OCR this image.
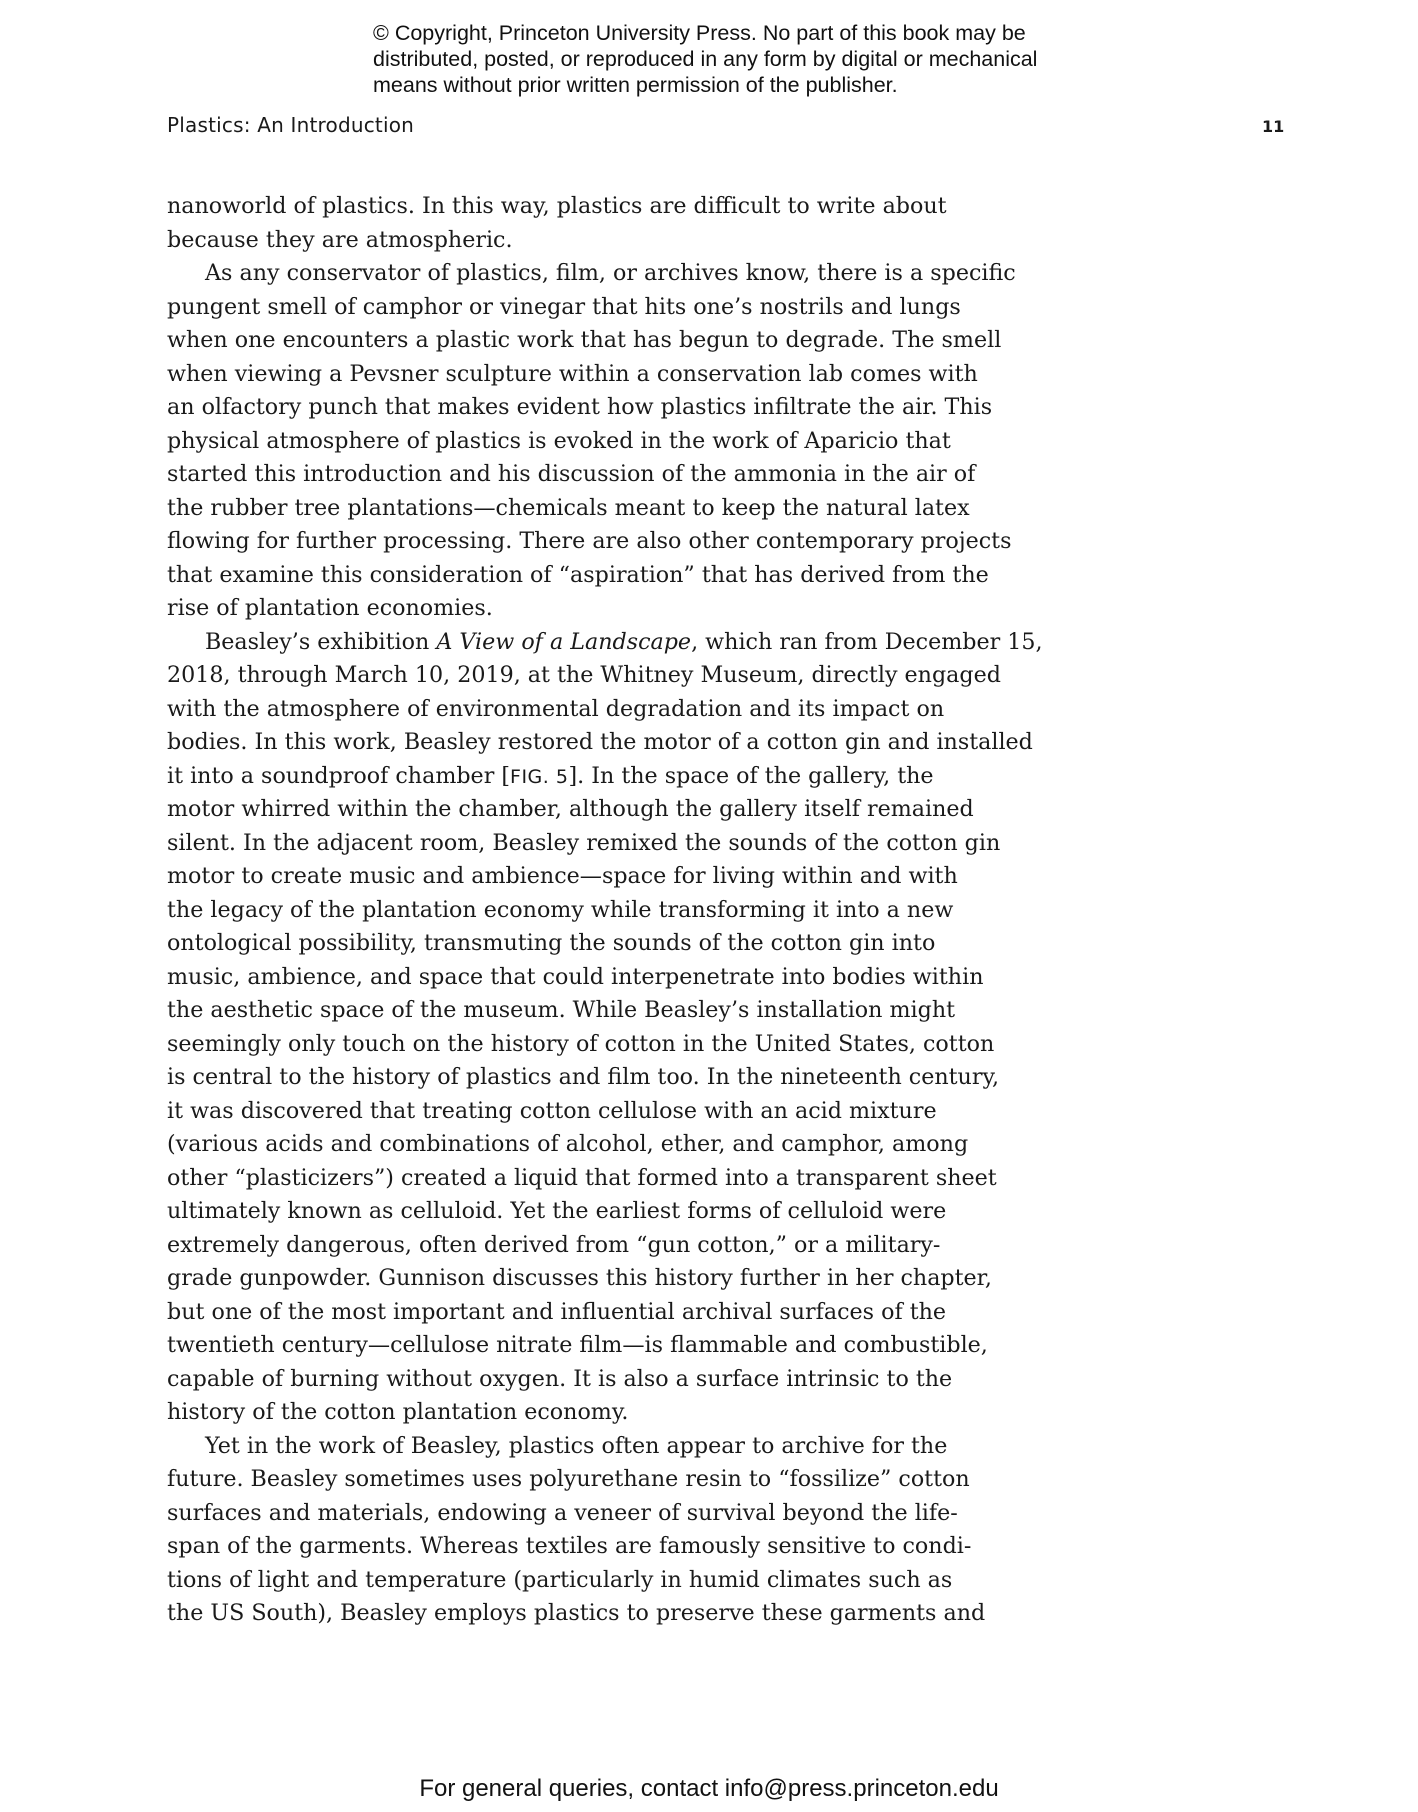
© Copyright, Princeton University Press. No part of this book may be
distributed, posted, or reproduced in any form by digital or mechanical
means without prior written permission of the publisher.
Plastics: An Introduction	11
nanoworld of plastics. In this way, plastics are difficult to write about
because they are atmospheric.
As any conservator of plastics, film, or archives know, there is a specific
pungent smell of camphor or vinegar that hits one’s nostrils and lungs
when one encounters a plastic work that has begun to degrade. The smell
when viewing a Pevsner sculpture within a conservation lab comes with
an olfactory punch that makes evident how plastics infiltrate the air. This
physical atmosphere of plastics is evoked in the work of Aparicio that
started this introduction and his discussion of the ammonia in the air of
the rubber tree plantations—chemicals meant to keep the natural latex
flowing for further processing. There are also other contemporary projects
that examine this consideration of “aspiration” that has derived from the
rise of plantation economies.
Beasley’s exhibition A View of a Landscape, which ran from December 15,
2018, through March 10, 2019, at the Whitney Museum, directly engaged
with the atmosphere of environmental degradation and its impact on
bodies. In this work, Beasley restored the motor of a cotton gin and installed
it into a soundproof chamber [FIG. 5]. In the space of the gallery, the
motor whirred within the chamber, although the gallery itself remained
silent. In the adjacent room, Beasley remixed the sounds of the cotton gin
motor to create music and ambience—space for living within and with
the legacy of the plantation economy while transforming it into a new
ontological possibility, transmuting the sounds of the cotton gin into
music, ambience, and space that could interpenetrate into bodies within
the aesthetic space of the museum. While Beasley’s installation might
seemingly only touch on the history of cotton in the United States, cotton
is central to the history of plastics and film too. In the nineteenth century,
it was discovered that treating cotton cellulose with an acid mixture
(various acids and combinations of alcohol, ether, and camphor, among
other “plasticizers”) created a liquid that formed into a transparent sheet
ultimately known as celluloid. Yet the earliest forms of celluloid were
extremely dangerous, often derived from “gun cotton,” or a military-
grade gunpowder. Gunnison discusses this history further in her chapter,
but one of the most important and influential archival surfaces of the
twentieth century—cellulose nitrate film—is flammable and combustible,
capable of burning without oxygen. It is also a surface intrinsic to the
history of the cotton plantation economy.
Yet in the work of Beasley, plastics often appear to archive for the
future. Beasley sometimes uses polyurethane resin to “fossilize” cotton
surfaces and materials, endowing a veneer of survival beyond the life-
span of the garments. Whereas textiles are famously sensitive to condi-
tions of light and temperature (particularly in humid climates such as
the US South), Beasley employs plastics to preserve these garments and
For general queries, contact info@press.princeton.edu
